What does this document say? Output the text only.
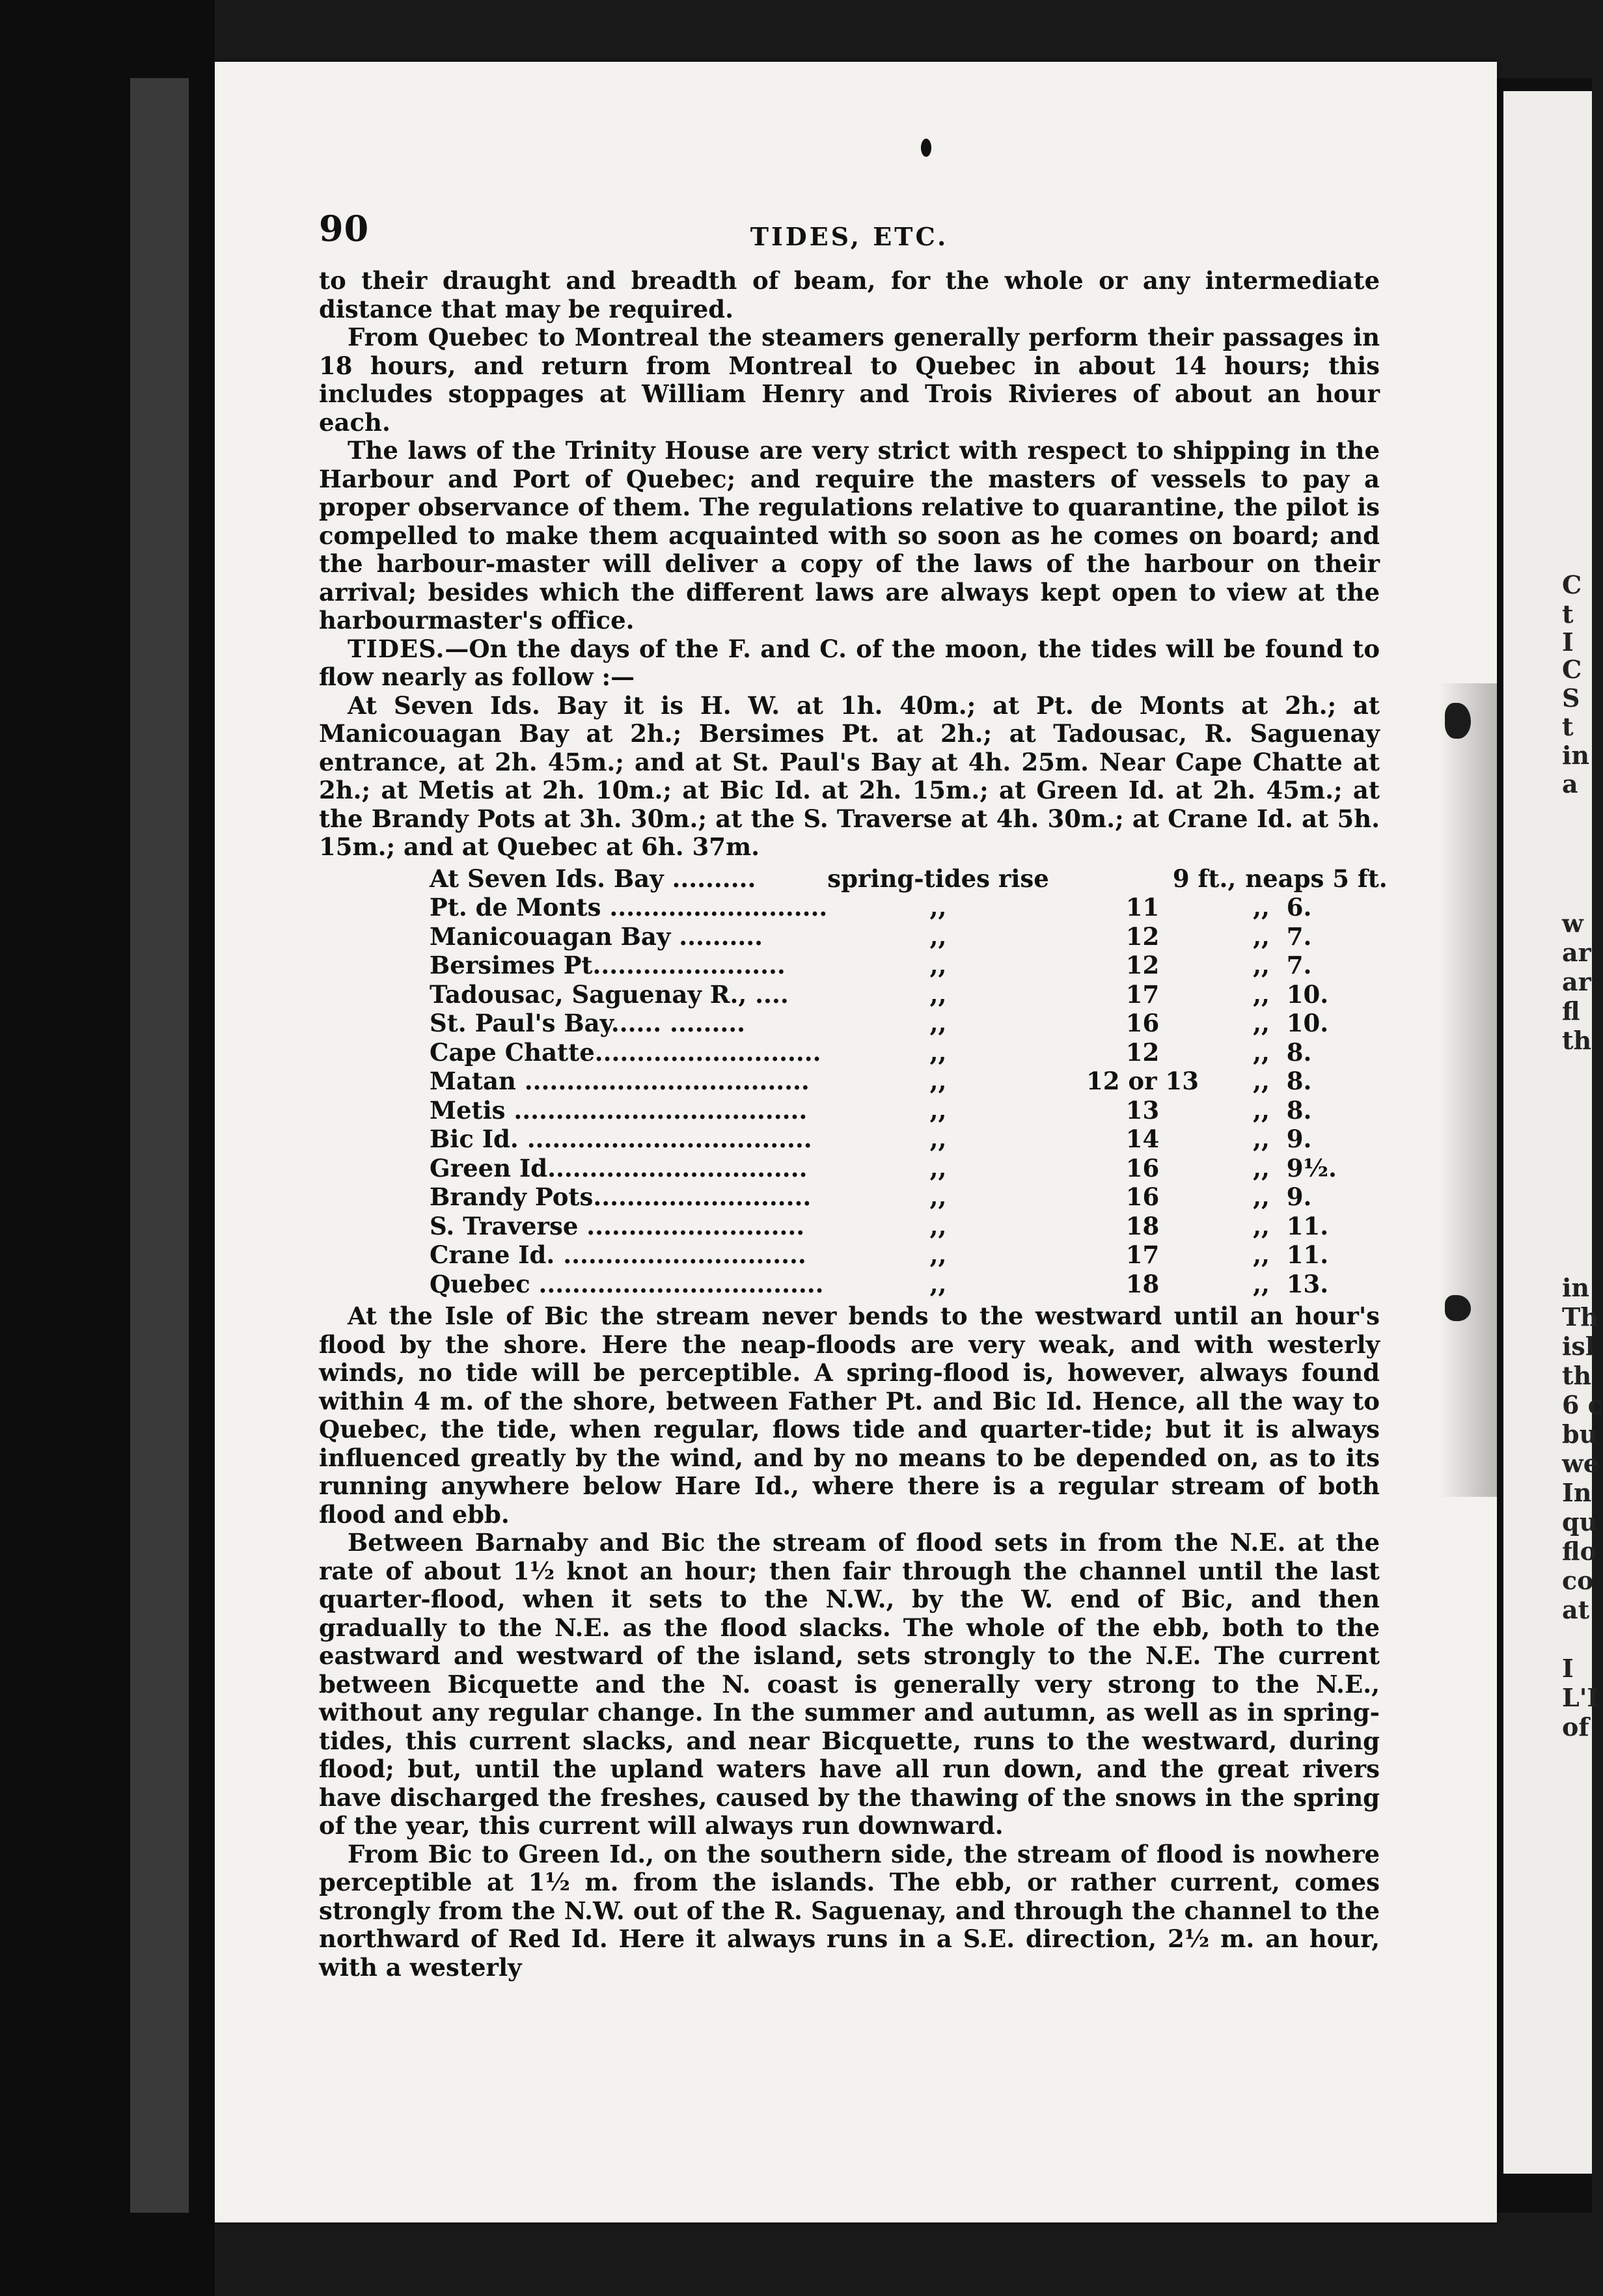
C
t
I
C
S
t
in
a
w
ar
ar
fl
th
in
Th
isl
th
6 c
bu
we
In
qu
flo
co
at
I
L'I
of
90	TIDES, ETC.

to their draught and breadth of beam, for the whole or any intermediate distance that may be required.

From Quebec to Montreal the steamers generally perform their passages in 18 hours, and return from Montreal to Quebec in about 14 hours; this includes stoppages at William Henry and Trois Rivieres of about an hour each.

The laws of the Trinity House are very strict with respect to shipping in the Harbour and Port of Quebec; and require the masters of vessels to pay a proper observance of them. The regulations relative to quarantine, the pilot is compelled to make them acquainted with so soon as he comes on board; and the harbour-master will deliver a copy of the laws of the harbour on their arrival; besides which the different laws are always kept open to view at the harbourmaster's office.

TIDES.—On the days of the F. and C. of the moon, the tides will be found to flow nearly as follow :—

At Seven Ids. Bay it is H. W. at 1h. 40m.; at Pt. de Monts at 2h.; at Manicouagan Bay at 2h.; Bersimes Pt. at 2h.; at Tadousac, R. Saguenay entrance, at 2h. 45m.; and at St. Paul's Bay at 4h. 25m. Near Cape Chatte at 2h.; at Metis at 2h. 10m.; at Bic Id. at 2h. 15m.; at Green Id. at 2h. 45m.; at the Brandy Pots at 3h. 30m.; at the S. Traverse at 4h. 30m.; at Crane Id. at 5h. 15m.; and at Quebec at 6h. 37m.

At Seven Ids. Bay ..........		spring-tides rise	9 ft.,	neaps 5 ft.	
Pt. de Monts ..........................		,,	11	,,	6.
Manicouagan Bay ..........		,,	12	,,	7.
Bersimes Pt.......................		,,	12	,,	7.
Tadousac, Saguenay R., ....		,,	17	,,	10.
St. Paul's Bay...... .........		,,	16	,,	10.
Cape Chatte...........................		,,	12	,,	8.
Matan ..................................		,,	12 or 13	,,	8.
Metis ...................................		,,	13	,,	8.
Bic Id. ..................................		,,	14	,,	9.
Green Id...............................		,,	16	,,	9½.
Brandy Pots..........................		,,	16	,,	9.
S. Traverse ..........................		,,	18	,,	11.
Crane Id. .............................		,,	17	,,	11.
Quebec ..................................		,,	18	,,	13.

At the Isle of Bic the stream never bends to the westward until an hour's flood by the shore. Here the neap-floods are very weak, and with westerly winds, no tide will be perceptible. A spring-flood is, however, always found within 4 m. of the shore, between Father Pt. and Bic Id. Hence, all the way to Quebec, the tide, when regular, flows tide and quarter-tide; but it is always influenced greatly by the wind, and by no means to be depended on, as to its running anywhere below Hare Id., where there is a regular stream of both flood and ebb.

Between Barnaby and Bic the stream of flood sets in from the N.E. at the rate of about 1½ knot an hour; then fair through the channel until the last quarter-flood, when it sets to the N.W., by the W. end of Bic, and then gradually to the N.E. as the flood slacks. The whole of the ebb, both to the eastward and westward of the island, sets strongly to the N.E. The current between Bicquette and the N. coast is generally very strong to the N.E., without any regular change. In the summer and autumn, as well as in spring-tides, this current slacks, and near Bicquette, runs to the westward, during flood; but, until the upland waters have all run down, and the great rivers have discharged the freshes, caused by the thawing of the snows in the spring of the year, this current will always run downward.

From Bic to Green Id., on the southern side, the stream of flood is nowhere perceptible at 1½ m. from the islands. The ebb, or rather current, comes strongly from the N.W. out of the R. Saguenay, and through the channel to the northward of Red Id. Here it always runs in a S.E. direction, 2½ m. an hour, with a westerly
